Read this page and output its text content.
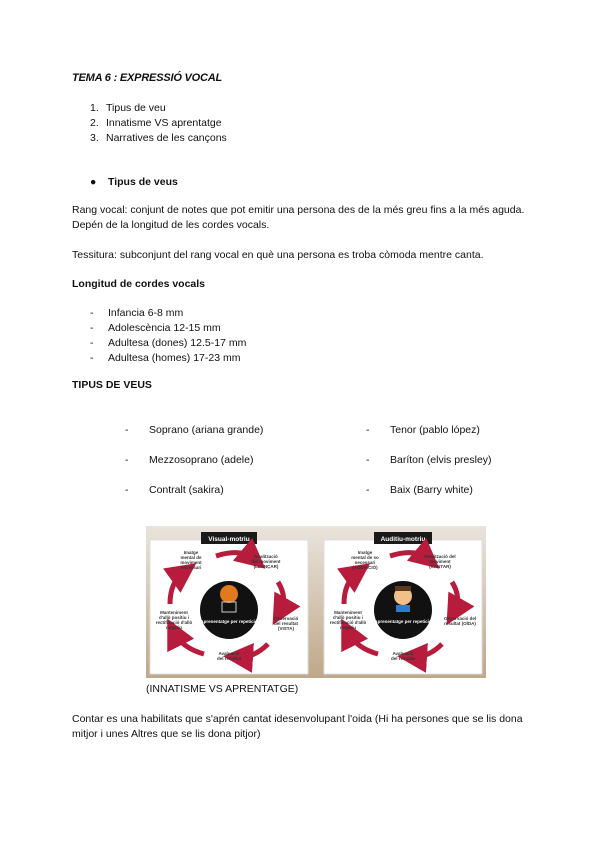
TEMA 6 : EXPRESSIÓ VOCAL
1. Tipus de veu
2. Innatisme VS aprentatge
3. Narratives de les cançons
● Tipus de veus
Rang vocal: conjunt de notes que pot emitir una persona des de la més greu fins a la més aguda. Depén de la longitud de les cordes vocals.
Tessitura: subconjunt del rang vocal en què una persona es troba còmoda mentre canta.
Longitud de cordes vocals
- Infancia 6-8 mm
- Adolescència 12-15 mm
- Adultesa (dones) 12.5-17 mm
- Adultesa (homes) 17-23 mm
TIPUS DE VEUS
- Soprano (ariana grande)
- Mezzosoprano (adele)
- Contralt (sakira)
- Tenor (pablo lópez)
- Baríton (elvis presley)
- Baix (Barry white)
Visual-motriu
Aprenentatge per repetició
Imatge
mental de
moviment
necessari
Realització
del moviment
(LLANÇAR)
Observació
del resultat
(VISTA)
Avaluació
del resultat
Manteniment
d'allò positiu i
rectificació d'allò
negatiu
Auditiu-motriu
Aprenentatge per repetició
Imatge
mental de so
necessari
(AUDIACIÓ)
Realització del
moviment
(CANTAR)
Observació del
resultat (OÏDA)
Avaluació
del resultat
Manteniment
d'allò positiu i
rectificació d'allò
negatiu
(INNATISME VS APRENTATGE)
Contar es una habilitats que s'aprén cantat idesenvolupant l'oida (Hi ha persones que se lis dona mitjor i unes Altres que se lis dona pitjor)
